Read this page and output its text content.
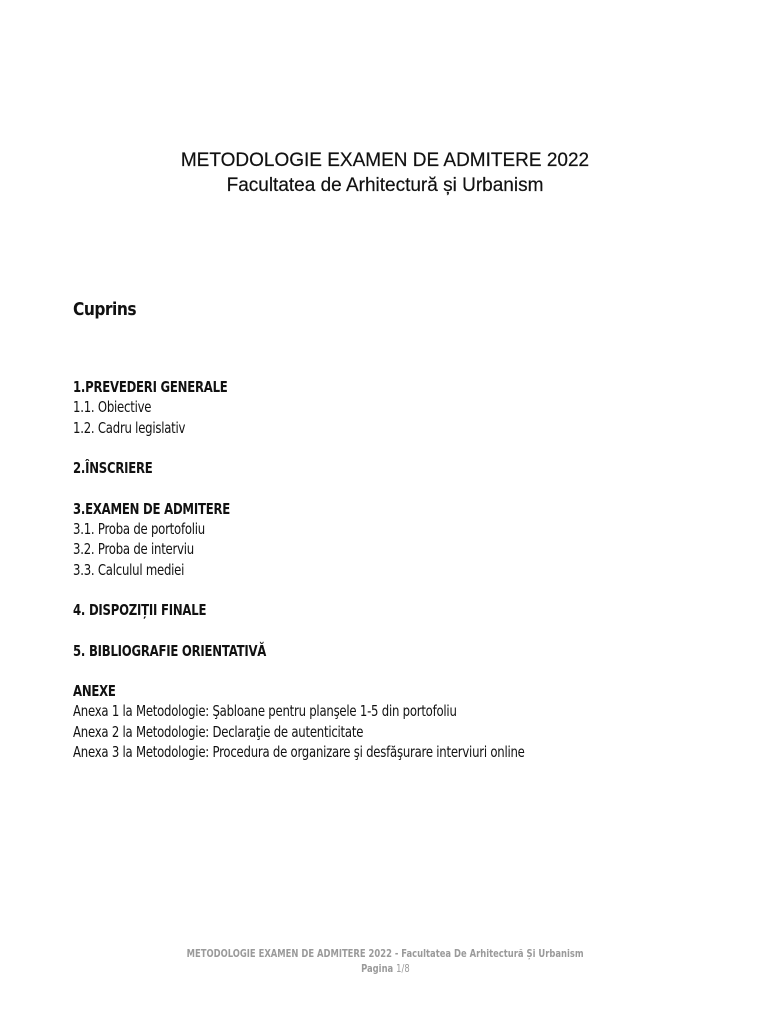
METODOLOGIE EXAMEN DE ADMITERE 2022
Facultatea de Arhitectură și Urbanism
Cuprins
1.PREVEDERI GENERALE
1.1. Obiective
1.2. Cadru legislativ
2.ÎNSCRIERE
3.EXAMEN DE ADMITERE
3.1. Proba de portofoliu
3.2. Proba de interviu
3.3. Calculul mediei
4. DISPOZIȚII FINALE
5. BIBLIOGRAFIE ORIENTATIVĂ
ANEXE
Anexa 1 la Metodologie: Şabloane pentru planşele 1-5 din portofoliu
Anexa 2 la Metodologie: Declaraţie de autenticitate
Anexa 3 la Metodologie: Procedura de organizare şi desfăşurare interviuri online
METODOLOGIE EXAMEN DE ADMITERE 2022 - Facultatea De Arhitectură Și Urbanism
Pagina 1/8
